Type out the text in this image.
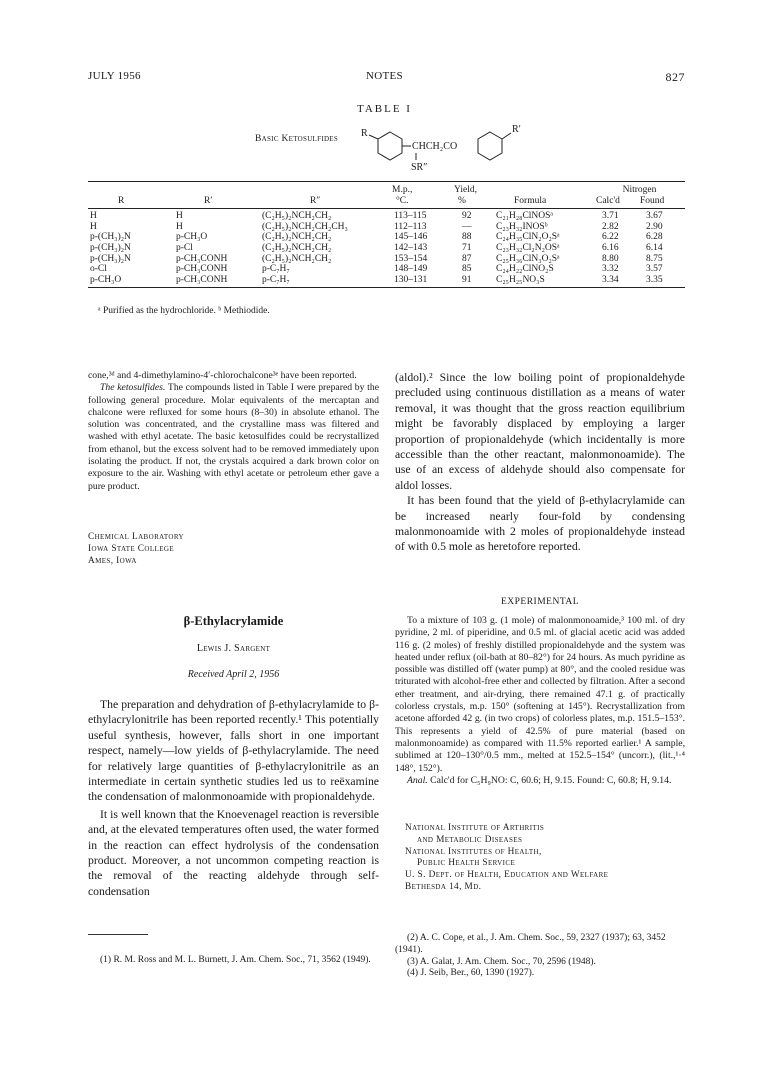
JULY 1956	NOTES	827
TABLE I
Basic Ketosulfides R	R′
CHCH₂CO
SR″
			M.p.,	Yield,		Nitrogen	
R	R′	R″	°C.	%	Formula	Calc'd	Found
H	H	(C₂H₅)₂NCH₂CH₂	113–115	92	C₂₁H₂₈ClNOSᵃ	3.71	3.67
H	H	(C₂H₅)₂NCH₂CH₂CH₃	112–113	—	C₂₃H₃₂INOSᵇ	2.82	2.90
p-(CH₃)₂N	p-CH₃O	(C₂H₅)₂NCH₂CH₂	145–146	88	C₂₄H₃₅ClN₂O₂Sᵃ	6.22	6.28
p-(CH₃)₂N	p-Cl	(C₂H₅)₂NCH₂CH₂	142–143	71	C₂₃H₃₂Cl₂N₂OSᵃ	6.16	6.14
p-(CH₃)₂N	p-CH₃CONH	(C₂H₅)₂NCH₂CH₂	153–154	87	C₂₅H₃₆ClN₃O₂Sᵃ	8.80	8.75
o-Cl	p-CH₃CONH	p-C₇H₇	148–149	85	C₂₄H₂₂ClNO₂S	3.32	3.57
p-CH₃O	p-CH₃CONH	p-C₇H₇	130–131	91	C₂₅H₂₅NO₃S	3.34	3.35
ᵃ Purified as the hydrochloride. ᵇ Methiodide.

cone,³ᵈ and 4-dimethylamino-4′-chlorochalcone³ᵉ have been reported.

The ketosulfides. The compounds listed in Table I were prepared by the following general procedure. Molar equivalents of the mercaptan and chalcone were refluxed for some hours (8–30) in absolute ethanol. The solution was concentrated, and the crystalline mass was filtered and washed with ethyl acetate. The basic ketosulfides could be recrystallized from ethanol, but the excess solvent had to be removed immediately upon isolating the product. If not, the crystals acquired a dark brown color on exposure to the air. Washing with ethyl acetate or petroleum ether gave a pure product.

Chemical Laboratory
Iowa State College
Ames, Iowa
β-Ethylacrylamide
Lewis J. Sargent
Received April 2, 1956

The preparation and dehydration of β-ethylacrylamide to β-ethylacrylonitrile has been reported recently.¹ This potentially useful synthesis, however, falls short in one important respect, namely—low yields of β-ethylacrylamide. The need for relatively large quantities of β-ethylacrylonitrile as an intermediate in certain synthetic studies led us to reëxamine the condensation of malonmonoamide with propionaldehyde.

It is well known that the Knoevenagel reaction is reversible and, at the elevated temperatures often used, the water formed in the reaction can effect hydrolysis of the condensation product. Moreover, a not uncommon competing reaction is the removal of the reacting aldehyde through self-condensation

(1) R. M. Ross and M. L. Burnett, J. Am. Chem. Soc., 71, 3562 (1949).

(aldol).² Since the low boiling point of propionaldehyde precluded using continuous distillation as a means of water removal, it was thought that the gross reaction equilibrium might be favorably displaced by employing a larger proportion of propionaldehyde (which incidentally is more accessible than the other reactant, malonmonoamide). The use of an excess of aldehyde should also compensate for aldol losses.

It has been found that the yield of β-ethylacrylamide can be increased nearly four-fold by condensing malonmonoamide with 2 moles of propionaldehyde instead of with 0.5 mole as heretofore reported.

EXPERIMENTAL

To a mixture of 103 g. (1 mole) of malonmonoamide,³ 100 ml. of dry pyridine, 2 ml. of piperidine, and 0.5 ml. of glacial acetic acid was added 116 g. (2 moles) of freshly distilled propionaldehyde and the system was heated under reflux (oil-bath at 80–82°) for 24 hours. As much pyridine as possible was distilled off (water pump) at 80°, and the cooled residue was triturated with alcohol-free ether and collected by filtration. After a second ether treatment, and air-drying, there remained 47.1 g. of practically colorless crystals, m.p. 150° (softening at 145°). Recrystallization from acetone afforded 42 g. (in two crops) of colorless plates, m.p. 151.5–153°. This represents a yield of 42.5% of pure material (based on malonmonoamide) as compared with 11.5% reported earlier.¹ A sample, sublimed at 120–130°/0.5 mm., melted at 152.5–154° (uncorr.), (lit.,¹·⁴ 148°, 152°).

Anal. Calc'd for C₅H₉NO: C, 60.6; H, 9.15. Found: C, 60.8; H, 9.14.

National Institute of Arthritis
and Metabolic Diseases
National Institutes of Health,
Public Health Service
U. S. Dept. of Health, Education and Welfare
Bethesda 14, Md.
(2) A. C. Cope, et al., J. Am. Chem. Soc., 59, 2327 (1937); 63, 3452 (1941).
(3) A. Galat, J. Am. Chem. Soc., 70, 2596 (1948).
(4) J. Seib, Ber., 60, 1390 (1927).
